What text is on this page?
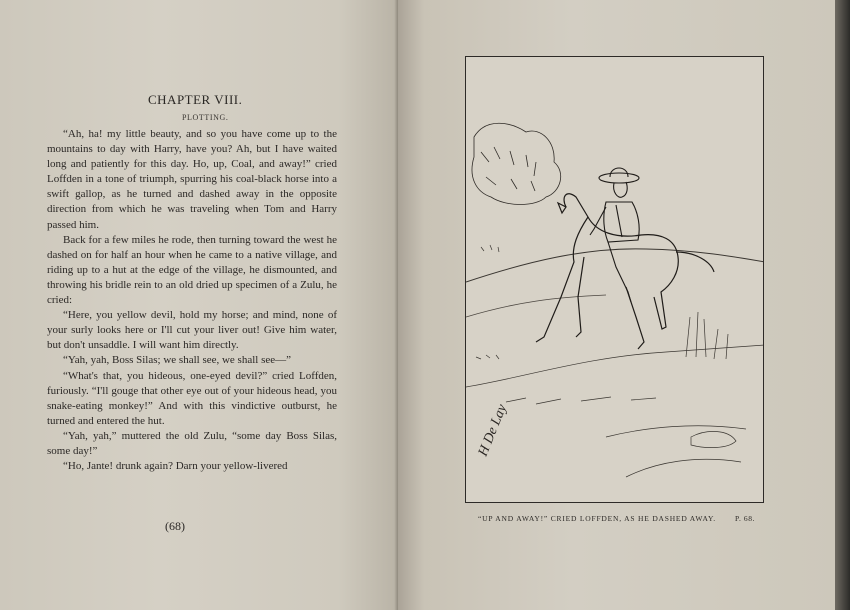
CHAPTER VIII.
PLOTTING.

“Ah, ha! my little beauty, and so you have come up to the mountains to day with Harry, have you? Ah, but I have waited long and patiently for this day. Ho, up, Coal, and away!” cried Loffden in a tone of triumph, spurring his coal-black horse into a swift gallop, as he turned and dashed away in the opposite direction from which he was traveling when Tom and Harry passed him.

Back for a few miles he rode, then turning toward the west he dashed on for half an hour when he came to a native village, and riding up to a hut at the edge of the village, he dismounted, and throwing his bridle rein to an old dried up specimen of a Zulu, he cried:

“Here, you yellow devil, hold my horse; and mind, none of your surly looks here or I'll cut your liver out! Give him water, but don't unsaddle. I will want him directly.

“Yah, yah, Boss Silas; we shall see, we shall see—”

“What's that, you hideous, one-eyed devil?” cried Loffden, furiously. “I'll gouge that other eye out of your hideous head, you snake-eating monkey!” And with this vindictive outburst, he turned and entered the hut.

“Yah, yah,” muttered the old Zulu, “some day Boss Silas, some day!”

“Ho, Jante! drunk again? Darn your yellow-livered

(68)
H De Lay
“UP AND AWAY!” CRIED LOFFDEN, AS HE DASHED AWAY.	P. 68.
